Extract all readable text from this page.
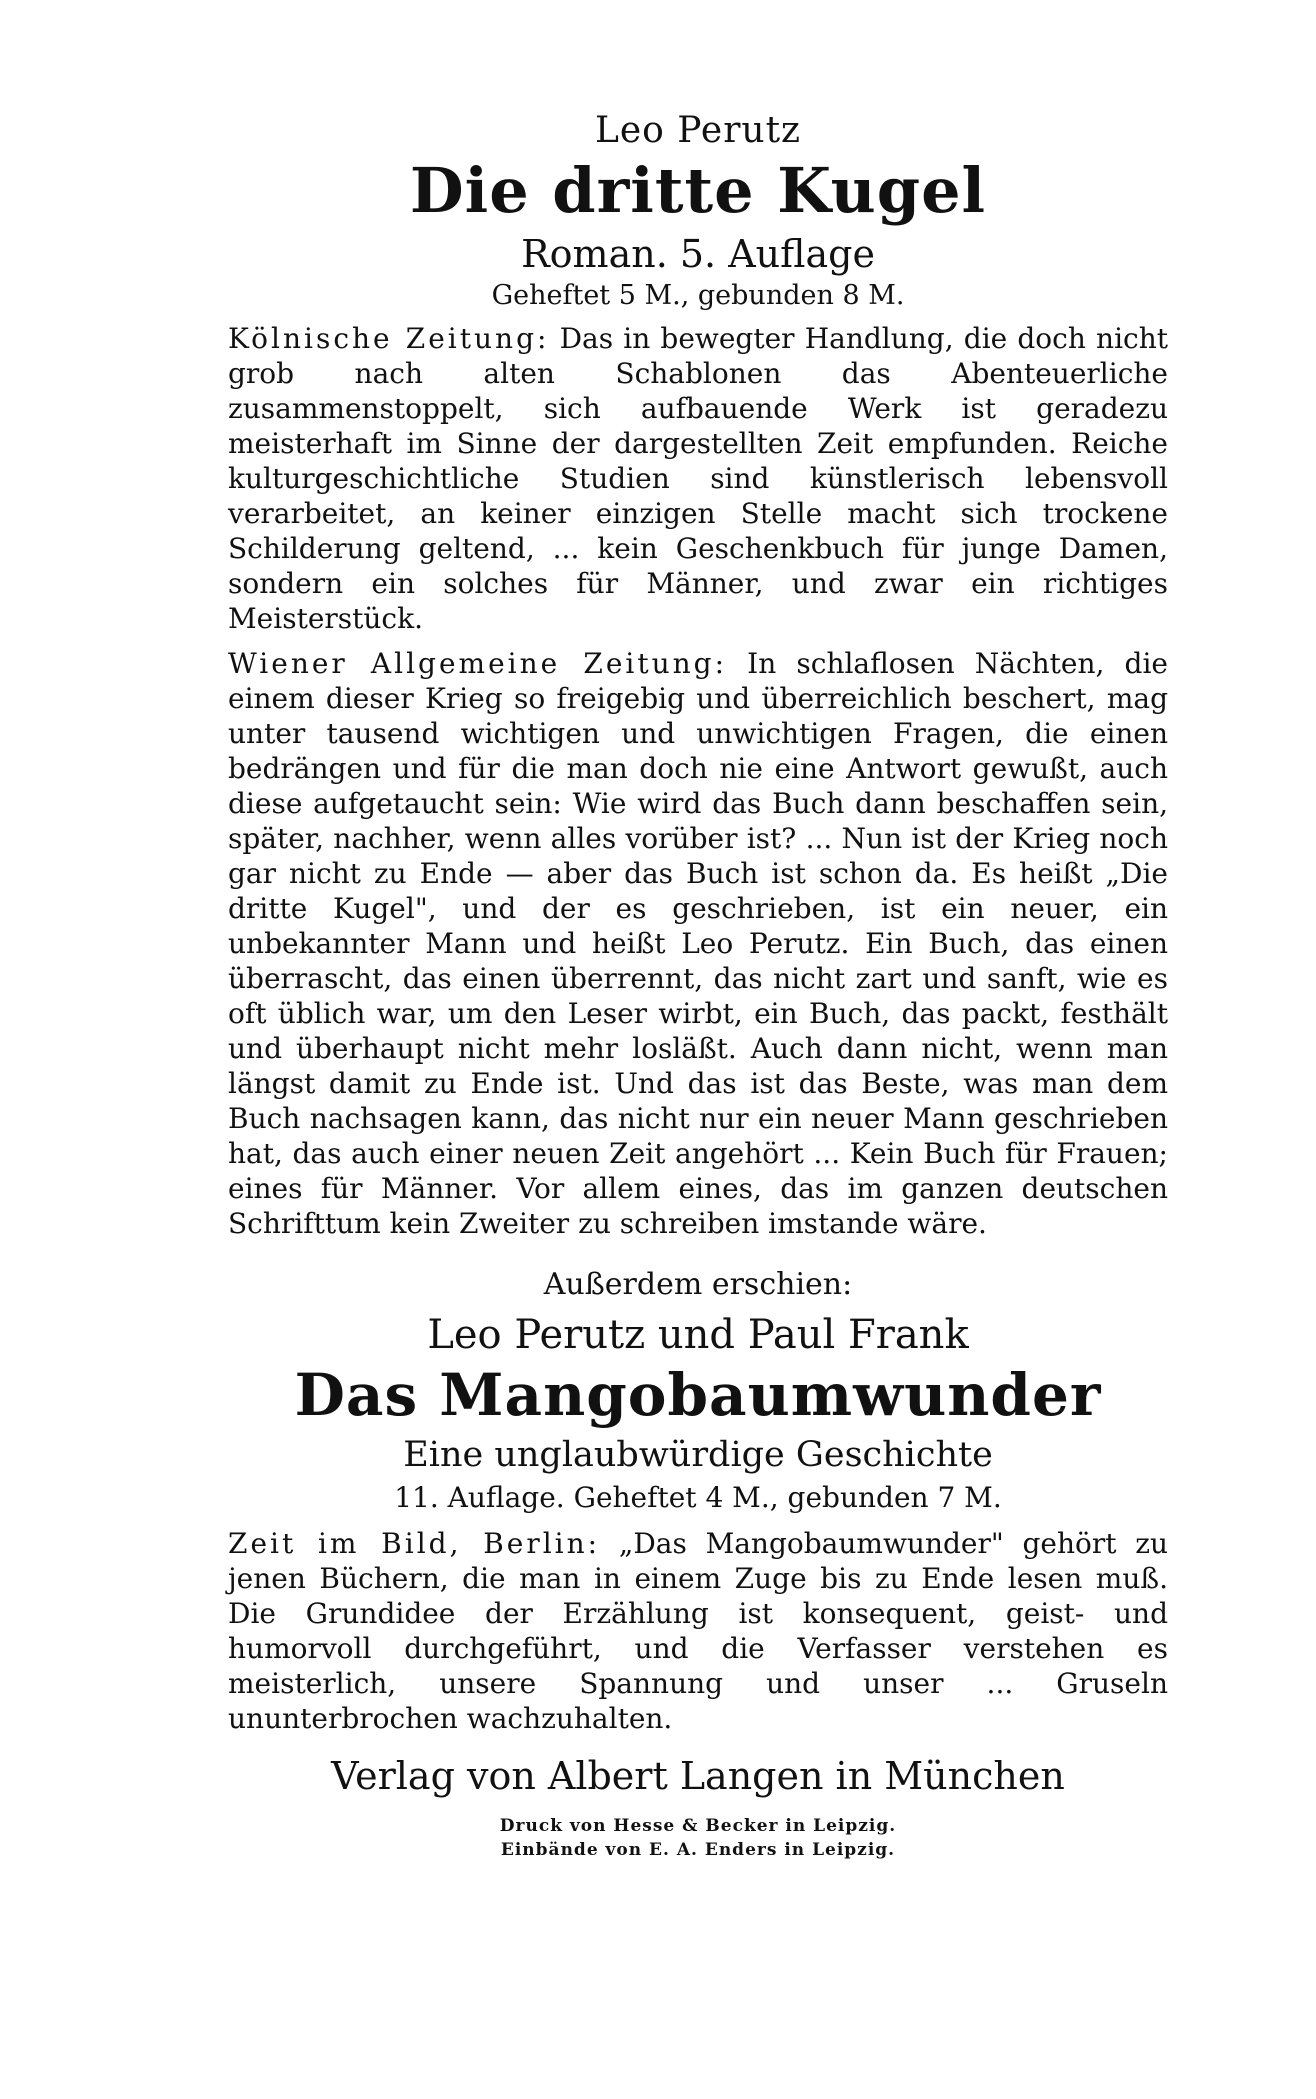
Leo Perutz

Die dritte Kugel

Roman. 5. Auflage

Geheftet 5 M., gebunden 8 M.

Kölnische Zeitung: Das in bewegter Handlung, die doch nicht grob nach alten Schablonen das Abenteuerliche zusammenstoppelt, sich aufbauende Werk ist geradezu meisterhaft im Sinne der dargestellten Zeit empfunden. Reiche kulturgeschichtliche Studien sind künstlerisch lebensvoll verarbeitet, an keiner einzigen Stelle macht sich trockene Schilderung geltend, ... kein Geschenkbuch für junge Damen, sondern ein solches für Männer, und zwar ein richtiges Meisterstück.

Wiener Allgemeine Zeitung: In schlaflosen Nächten, die einem dieser Krieg so freigebig und überreichlich beschert, mag unter tausend wichtigen und unwichtigen Fragen, die einen bedrängen und für die man doch nie eine Antwort gewußt, auch diese aufgetaucht sein: Wie wird das Buch dann beschaffen sein, später, nachher, wenn alles vorüber ist? ... Nun ist der Krieg noch gar nicht zu Ende — aber das Buch ist schon da. Es heißt „Die dritte Kugel", und der es geschrieben, ist ein neuer, ein unbekannter Mann und heißt Leo Perutz. Ein Buch, das einen überrascht, das einen überrennt, das nicht zart und sanft, wie es oft üblich war, um den Leser wirbt, ein Buch, das packt, festhält und überhaupt nicht mehr losläßt. Auch dann nicht, wenn man längst damit zu Ende ist. Und das ist das Beste, was man dem Buch nachsagen kann, das nicht nur ein neuer Mann geschrieben hat, das auch einer neuen Zeit angehört ... Kein Buch für Frauen; eines für Männer. Vor allem eines, das im ganzen deutschen Schrifttum kein Zweiter zu schreiben imstande wäre.

Außerdem erschien:

Leo Perutz und Paul Frank

Das Mangobaumwunder

Eine unglaubwürdige Geschichte

11. Auflage. Geheftet 4 M., gebunden 7 M.

Zeit im Bild, Berlin: „Das Mangobaumwunder" gehört zu jenen Büchern, die man in einem Zuge bis zu Ende lesen muß. Die Grundidee der Erzählung ist konsequent, geist- und humorvoll durchgeführt, und die Verfasser verstehen es meisterlich, unsere Spannung und unser ... Gruseln ununterbrochen wachzuhalten.

Verlag von Albert Langen in München

Druck von Hesse & Becker in Leipzig.

Einbände von E. A. Enders in Leipzig.
